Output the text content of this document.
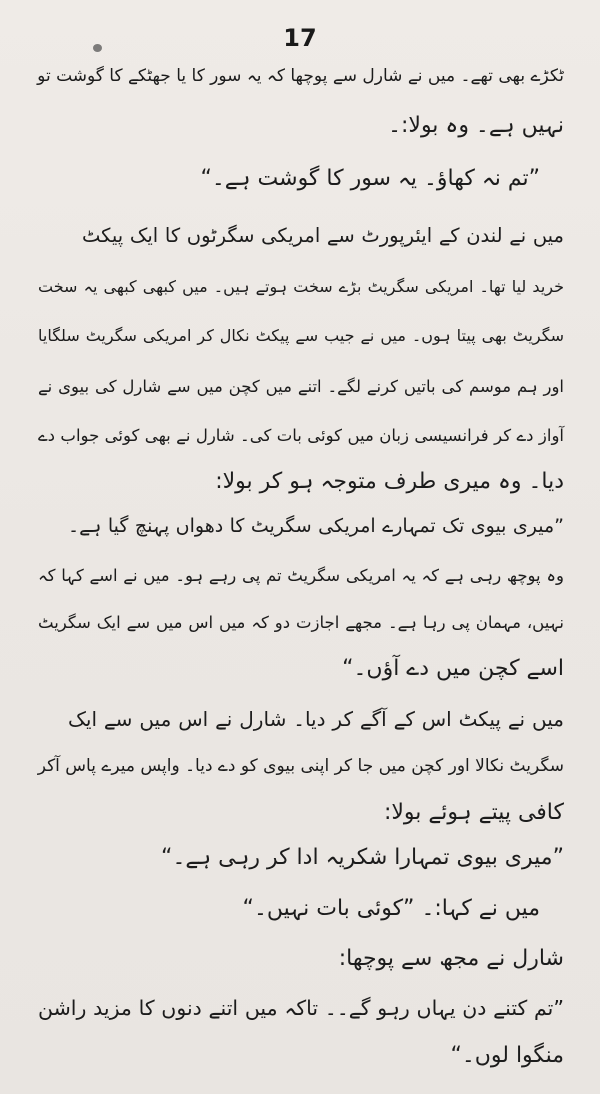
17
ٹکڑے بھی تھے۔ میں نے شارل سے پوچھا کہ یہ سور کا یا جھٹکے کا گوشت تو
نہیں ہے۔ وہ بولا:۔
”تم نہ کھاؤ۔ یہ سور کا گوشت ہے۔“
میں نے لندن کے ایئرپورٹ سے امریکی سگرٹوں کا ایک پیکٹ
خرید لیا تھا۔ امریکی سگریٹ بڑے سخت ہوتے ہیں۔ میں کبھی کبھی یہ سخت
سگریٹ بھی پیتا ہوں۔ میں نے جیب سے پیکٹ نکال کر امریکی سگریٹ سلگایا
اور ہم موسم کی باتیں کرنے لگے۔ اتنے میں کچن میں سے شارل کی بیوی نے
آواز دے کر فرانسیسی زبان میں کوئی بات کی۔ شارل نے بھی کوئی جواب دے
دیا۔ وہ میری طرف متوجہ ہو کر بولا:
”میری بیوی تک تمہارے امریکی سگریٹ کا دھواں پہنچ گیا ہے۔
وہ پوچھ رہی ہے کہ یہ امریکی سگریٹ تم پی رہے ہو۔ میں نے اسے کہا کہ
نہیں، مہمان پی رہا ہے۔ مجھے اجازت دو کہ میں اس میں سے ایک سگریٹ
اسے کچن میں دے آؤں۔“
میں نے پیکٹ اس کے آگے کر دیا۔ شارل نے اس میں سے ایک
سگریٹ نکالا اور کچن میں جا کر اپنی بیوی کو دے دیا۔ واپس میرے پاس آکر
کافی پیتے ہوئے بولا:
”میری بیوی تمہارا شکریہ ادا کر رہی ہے۔“
میں نے کہا:۔ ”کوئی بات نہیں۔“
شارل نے مجھ سے پوچھا:
”تم کتنے دن یہاں رہو گے۔۔ تاکہ میں اتنے دنوں کا مزید راشن
منگوا لوں۔“
